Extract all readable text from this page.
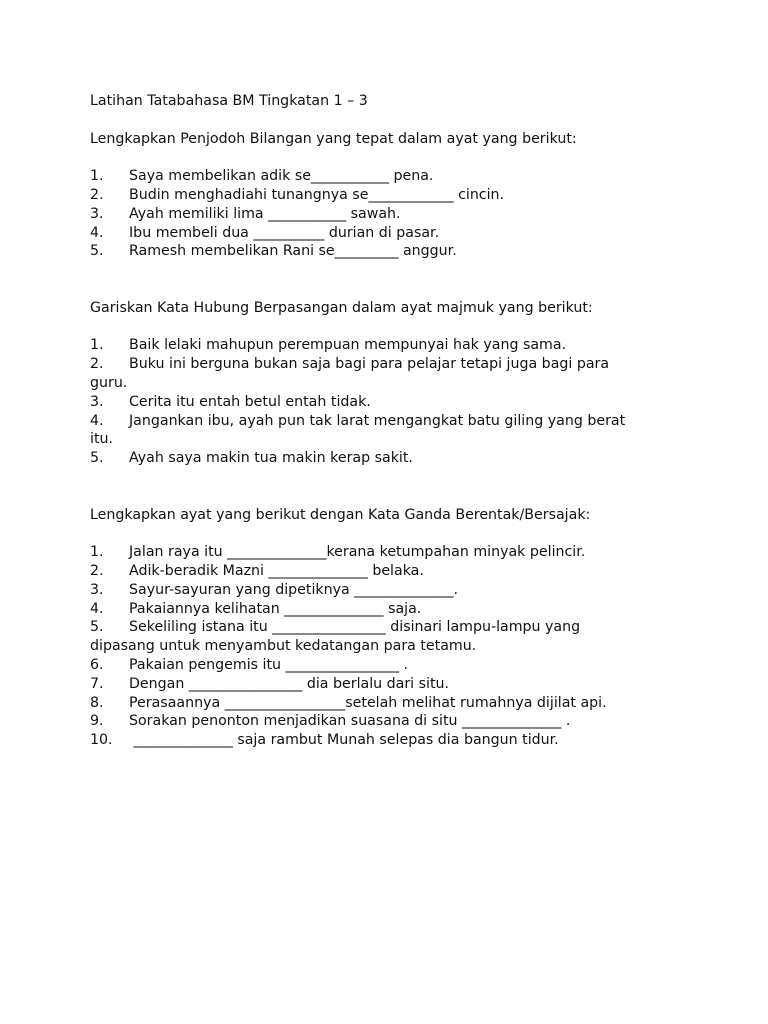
Latihan Tatabahasa BM Tingkatan 1 – 3
Lengkapkan Penjodoh Bilangan yang tepat dalam ayat yang berikut:
1.	Saya membelikan adik se___________ pena.
2.	Budin menghadiahi tunangnya se____________ cincin.
3.	Ayah memiliki lima ___________ sawah.
4.	Ibu membeli dua __________ durian di pasar.
5.	Ramesh membelikan Rani se_________ anggur.
Gariskan Kata Hubung Berpasangan dalam ayat majmuk yang berikut:
1.	Baik lelaki mahupun perempuan mempunyai hak yang sama.
2.	Buku ini berguna bukan saja bagi para pelajar tetapi juga bagi para
guru.
3.	Cerita itu entah betul entah tidak.
4.	Jangankan ibu, ayah pun tak larat mengangkat batu giling yang berat
itu.
5.	Ayah saya makin tua makin kerap sakit.
Lengkapkan ayat yang berikut dengan Kata Ganda Berentak/Bersajak:
1.	Jalan raya itu ______________kerana ketumpahan minyak pelincir.
2.	Adik-beradik Mazni ______________ belaka.
3.	Sayur-sayuran yang dipetiknya ______________.
4.	Pakaiannya kelihatan ______________ saja.
5.	Sekeliling istana itu ________________ disinari lampu-lampu yang
dipasang untuk menyambut kedatangan para tetamu.
6.	Pakaian pengemis itu ________________ .
7.	Dengan ________________ dia berlalu dari situ.
8.	Perasaannya _________________setelah melihat rumahnya dijilat api.
9.	Sorakan penonton menjadikan suasana di situ ______________ .
10.	______________ saja rambut Munah selepas dia bangun tidur.
